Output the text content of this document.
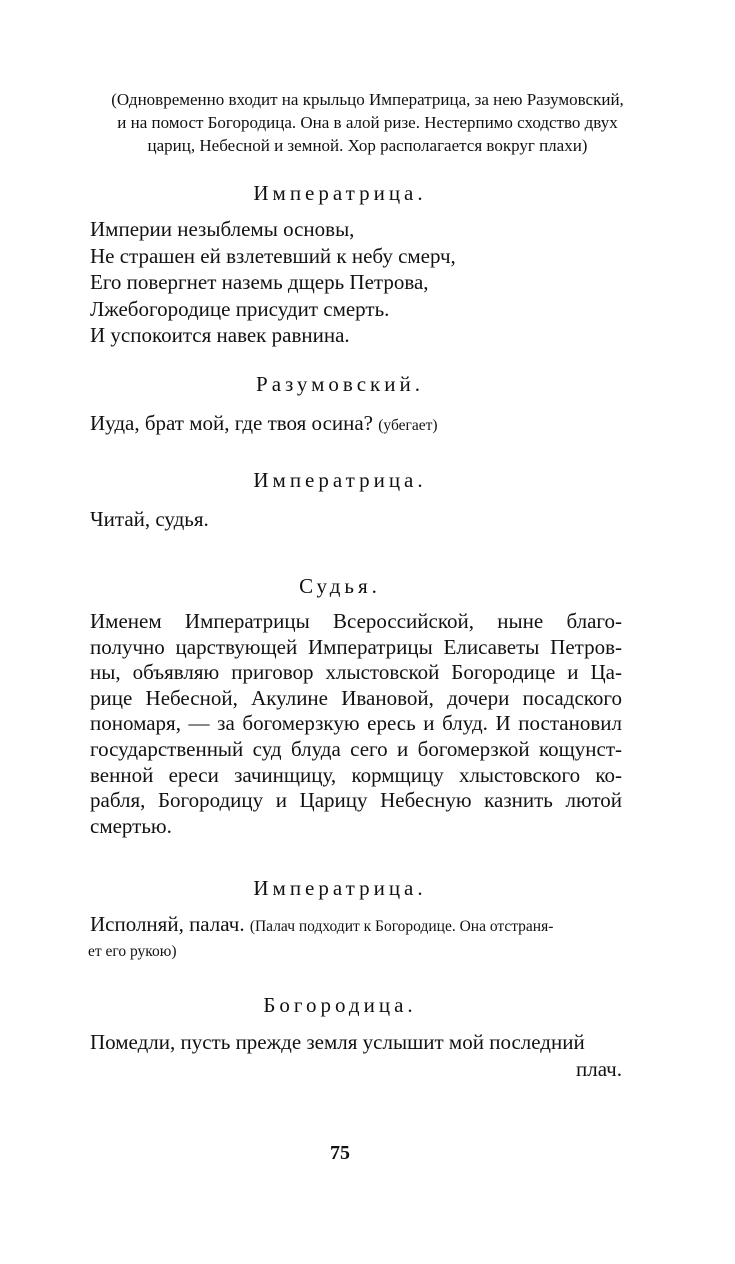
(Одновременно входит на крыльцо Императрица, за нею Разумовский,
и на помост Богородица. Она в алой ризе. Нестерпимо сходство двух
цариц, Небесной и земной. Хор располагается вокруг плахи)
Императрица.
Империи незыблемы основы,
Не страшен ей взлетевший к небу смерч,
Его повергнет наземь дщерь Петрова,
Лжебогородице присудит смерть.
И успокоится навек равнина.
Разумовский.
Иуда, брат мой, где твоя осина? (убегает)
Императрица.
Читай, судья.
Судья.
Именем Императрицы Всероссийской, ныне благо-
получно царствующей Императрицы Елисаветы Петров-
ны, объявляю приговор хлыстовской Богородице и Ца-
рице Небесной, Акулине Ивановой, дочери посадского
пономаря, — за богомерзкую ересь и блуд. И постановил
государственный суд блуда сего и богомерзкой кощунст-
венной ереси зачинщицу, кормщицу хлыстовского ко-
рабля, Богородицу и Царицу Небесную казнить лютой
смертью.
Императрица.
Исполняй, палач. (Палач подходит к Богородице. Она отстраня-
ет его рукою)
Богородица.
Помедли, пусть прежде земля услышит мой последний
плач.
75
